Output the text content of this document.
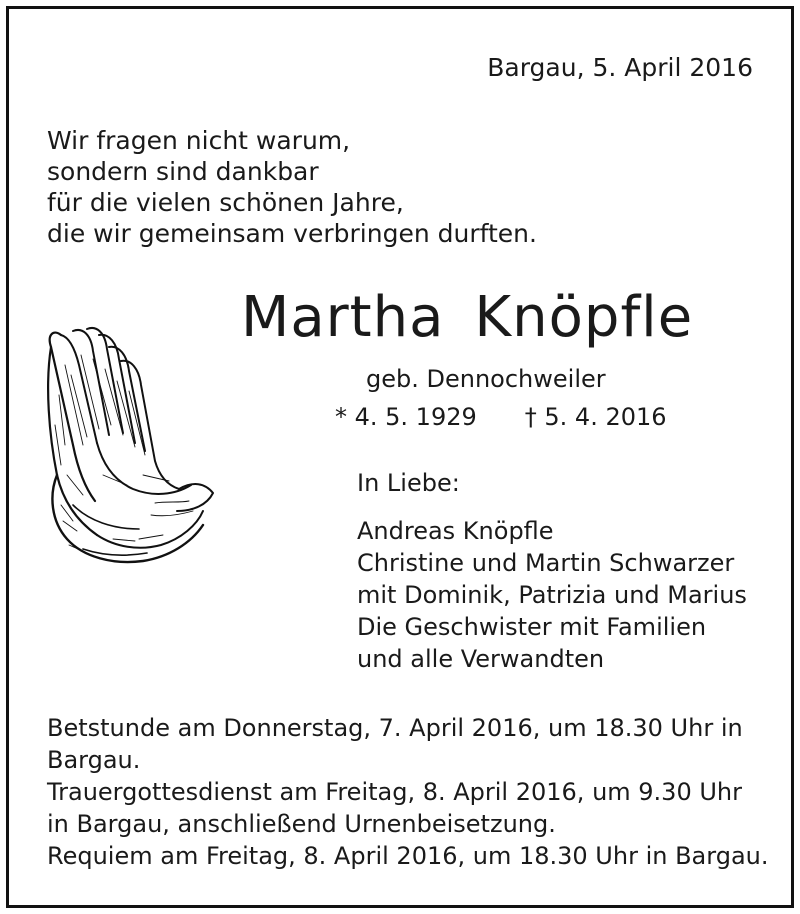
Bargau, 5. April 2016
Wir fragen nicht warum,
sondern sind dankbar
für die vielen schönen Jahre,
die wir gemeinsam verbringen durften.
Martha Knöpfle
geb. Dennochweiler
* 4. 5. 1929 † 5. 4. 2016
In Liebe:
Andreas Knöpfle
Christine und Martin Schwarzer
mit Dominik, Patrizia und Marius
Die Geschwister mit Familien
und alle Verwandten
Betstunde am Donnerstag, 7. April 2016, um 18.30 Uhr in
Bargau.
Trauergottesdienst am Freitag, 8. April 2016, um 9.30 Uhr
in Bargau, anschließend Urnenbeisetzung.
Requiem am Freitag, 8. April 2016, um 18.30 Uhr in Bargau.
